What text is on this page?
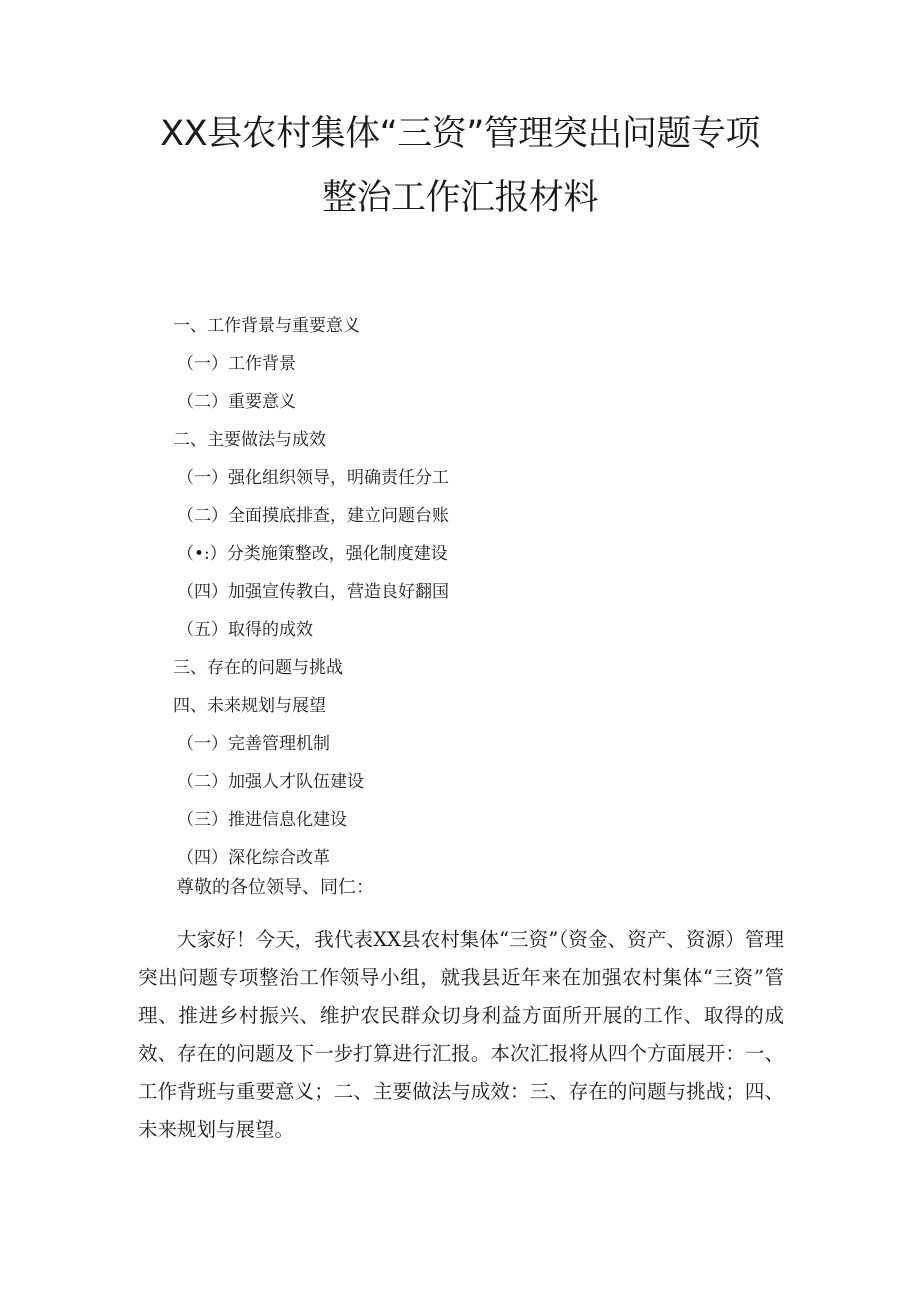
XX县农村集体“三资”管理突出问题专项
整治工作汇报材料
一、工作背景与重要意义
（一）工作背景
（二）重要意义
二、主要做法与成效
（一）强化组织领导，明确责任分工
（二）全面摸底排查，建立问题台账
（•:）分类施策整改，强化制度建设
（四）加强宣传教白，营造良好翻国
（五）取得的成效
三、存在的问题与挑战
四、未来规划与展望
（一）完善管理机制
（二）加强人才队伍建设
（三）推进信息化建设
（四）深化综合改革

尊敬的各位领导、同仁：

大家好！今天，我代表XX县农村集体“三资”（资金、资产、资源）管理突出问题专项整治工作领导小组，就我县近年来在加强农村集体“三资”管理、推进乡村振兴、维护农民群众切身利益方面所开展的工作、取得的成效、存在的问题及下一步打算进行汇报。本次汇报将从四个方面展开：一、工作背班与重要意义；二、主要做法与成效：三、存在的问题与挑战；四、未来规划与展望。
